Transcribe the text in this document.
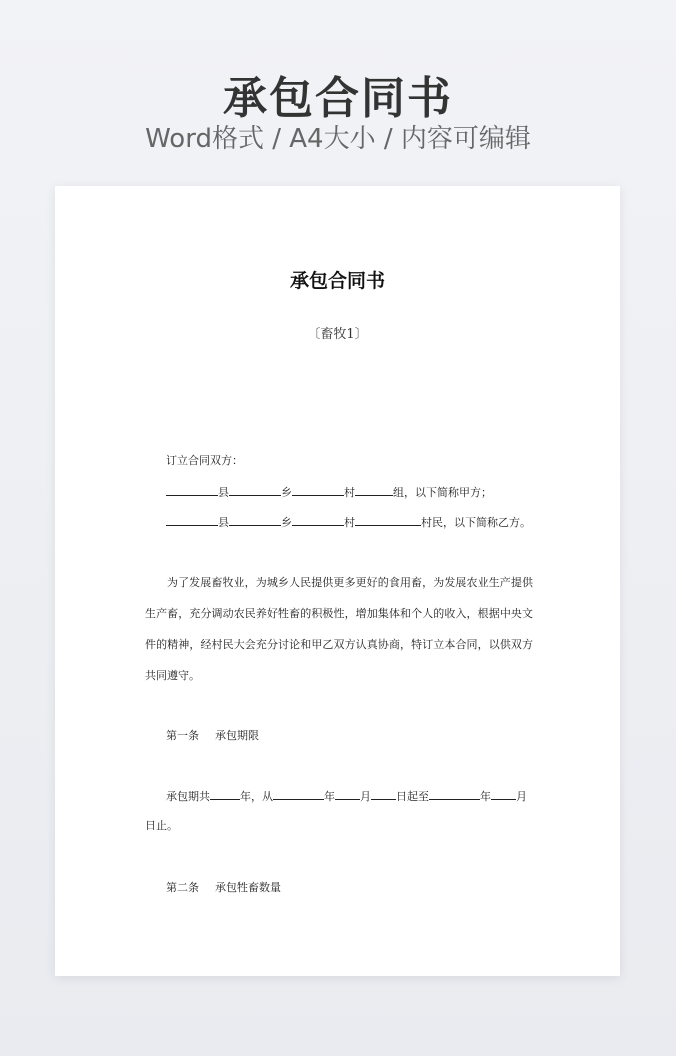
承包合同书
Word格式 / A4大小 / 内容可编辑
承包合同书
〔畜牧1〕
订立合同双方：
县	乡	村	组，以下简称甲方；
县	乡	村	村民，以下简称乙方。

为了发展畜牧业，为城乡人民提供更多更好的食用畜，为发展农业生产提供生产畜，充分调动农民养好牲畜的积极性，增加集体和个人的收入，根据中央文件的精神，经村民大会充分讨论和甲乙双方认真协商，特订立本合同，以供双方共同遵守。

第一条 承包期限
承包期共	年，从	年 月 日起至	年 月
日止。
第二条 承包牲畜数量
